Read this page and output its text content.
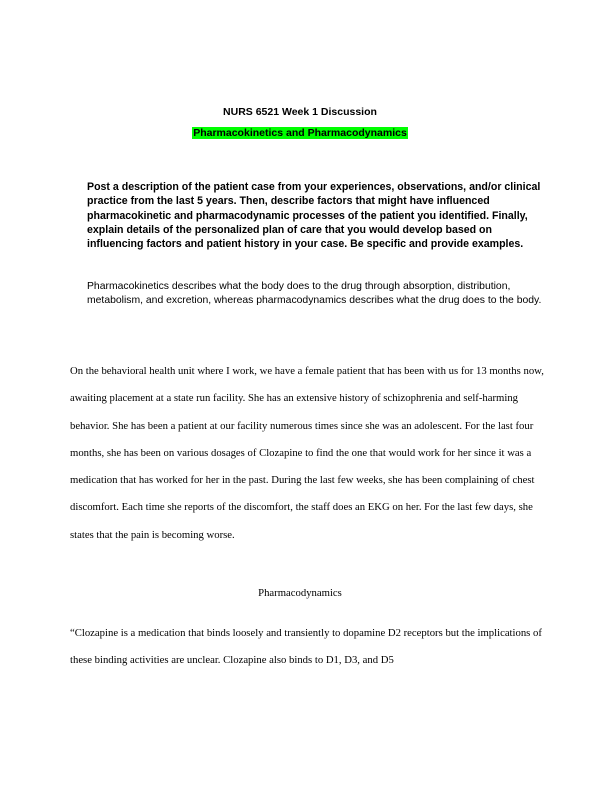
NURS 6521 Week 1 Discussion
Pharmacokinetics and Pharmacodynamics

Post a description of the patient case from your experiences, observations, and/or clinical practice from the last 5 years. Then, describe factors that might have influenced pharmacokinetic and pharmacodynamic processes of the patient you identified. Finally, explain details of the personalized plan of care that you would develop based on influencing factors and patient history in your case. Be specific and provide examples.

Pharmacokinetics describes what the body does to the drug through absorption, distribution, metabolism, and excretion, whereas pharmacodynamics describes what the drug does to the body.

On the behavioral health unit where I work, we have a female patient that has been with us for 13 months now, awaiting placement at a state run facility. She has an extensive history of schizophrenia and self-harming behavior. She has been a patient at our facility numerous times since she was an adolescent. For the last four months, she has been on various dosages of Clozapine to find the one that would work for her since it was a medication that has worked for her in the past. During the last few weeks, she has been complaining of chest discomfort. Each time she reports of the discomfort, the staff does an EKG on her. For the last few days, she states that the pain is becoming worse.

Pharmacodynamics

“Clozapine is a medication that binds loosely and transiently to dopamine D2 receptors but the implications of these binding activities are unclear. Clozapine also binds to D1, D3, and D5
